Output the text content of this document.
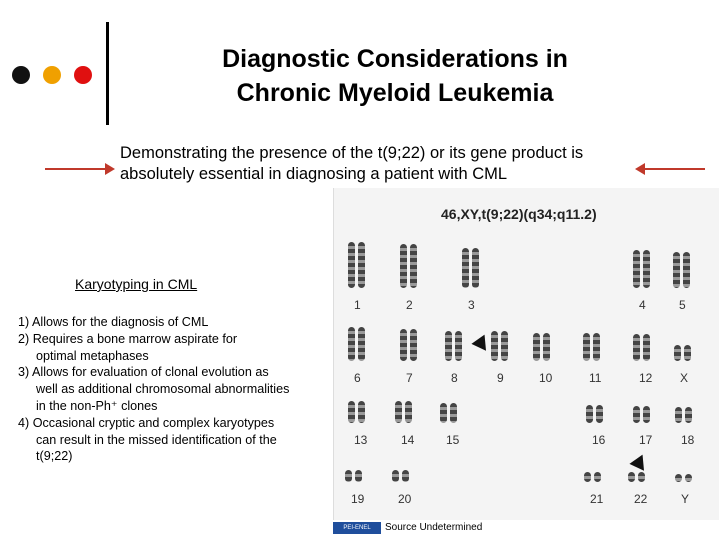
Diagnostic Considerations in
Chronic Myeloid Leukemia
Demonstrating the presence of the t(9;22) or its gene product is
absolutely essential in diagnosing a patient with CML
46,XY,t(9;22)(q34;q11.2)
1	2	3	4	5
6	7	8	9	10	11	12 X
13	14	15	16	17 18
19	20	21	22	Y
Karyotyping in CML
1) Allows for the diagnosis of CML
2) Requires a bone marrow aspirate for
optimal metaphases
3) Allows for evaluation of clonal evolution as
well as additional chromosomal abnormalities
in the non-Ph⁺ clones
4) Occasional cryptic and complex karyotypes
can result in the missed identification of the
t(9;22)
PEI-ENEL	Source Undetermined
